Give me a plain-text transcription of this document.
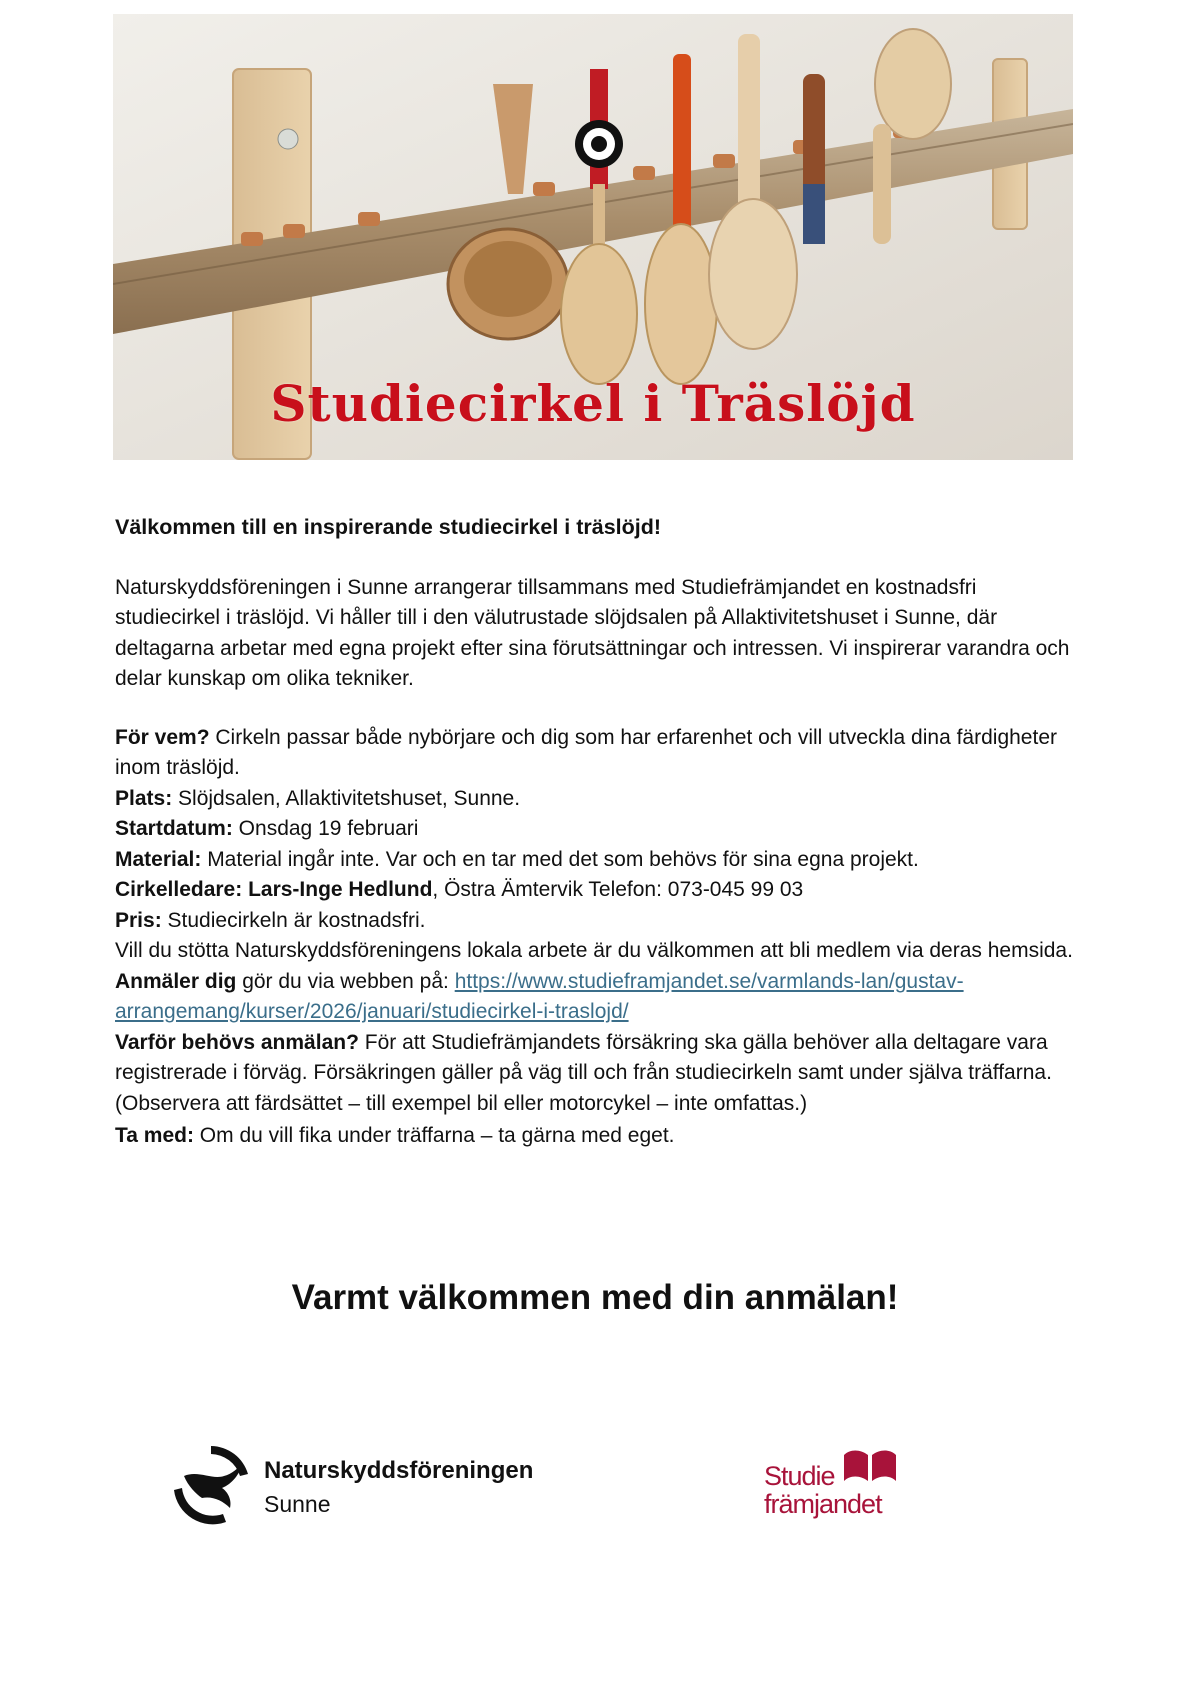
Studiecirkel i Träslöjd

Välkommen till en inspirerande studiecirkel i träslöjd!

Naturskyddsföreningen i Sunne arrangerar tillsammans med Studiefrämjandet en kostnadsfri studiecirkel i träslöjd. Vi håller till i den välutrustade slöjdsalen på Allaktivitetshuset i Sunne, där deltagarna arbetar med egna projekt efter sina förutsättningar och intressen. Vi inspirerar varandra och delar kunskap om olika tekniker.

För vem? Cirkeln passar både nybörjare och dig som har erfarenhet och vill utveckla dina färdigheter inom träslöjd.

Plats: Slöjdsalen, Allaktivitetshuset, Sunne.

Startdatum: Onsdag 19 februari

Material: Material ingår inte. Var och en tar med det som behövs för sina egna projekt.

Cirkelledare: Lars-Inge Hedlund, Östra Ämtervik Telefon: 073-045 99 03

Pris: Studiecirkeln är kostnadsfri.

Vill du stötta Naturskyddsföreningens lokala arbete är du välkommen att bli medlem via deras hemsida.

Anmäler dig gör du via webben på: https://www.studieframjandet.se/varmlands-lan/gustav-arrangemang/kurser/2026/januari/studiecirkel-i-traslojd/

Varför behövs anmälan? För att Studiefrämjandets försäkring ska gälla behöver alla deltagare vara registrerade i förväg. Försäkringen gäller på väg till och från studiecirkeln samt under själva träffarna. (Observera att färdsättet – till exempel bil eller motorcykel – inte omfattas.)

Ta med: Om du vill fika under träffarna – ta gärna med eget.

Varmt välkommen med din anmälan!
Naturskyddsföreningen
Sunne
Studie
främjandet
